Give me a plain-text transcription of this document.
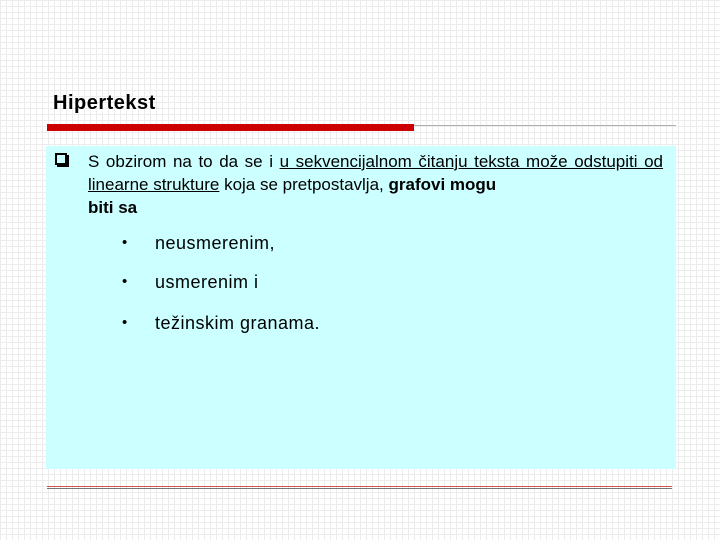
Hipertekst
S obzirom na to da se i u sekvencijalnom čitanju teksta može odstupiti od linearne strukture koja se pretpostavlja, grafovi mogu
biti sa
• neusmerenim,
• usmerenim i
• težinskim granama.
